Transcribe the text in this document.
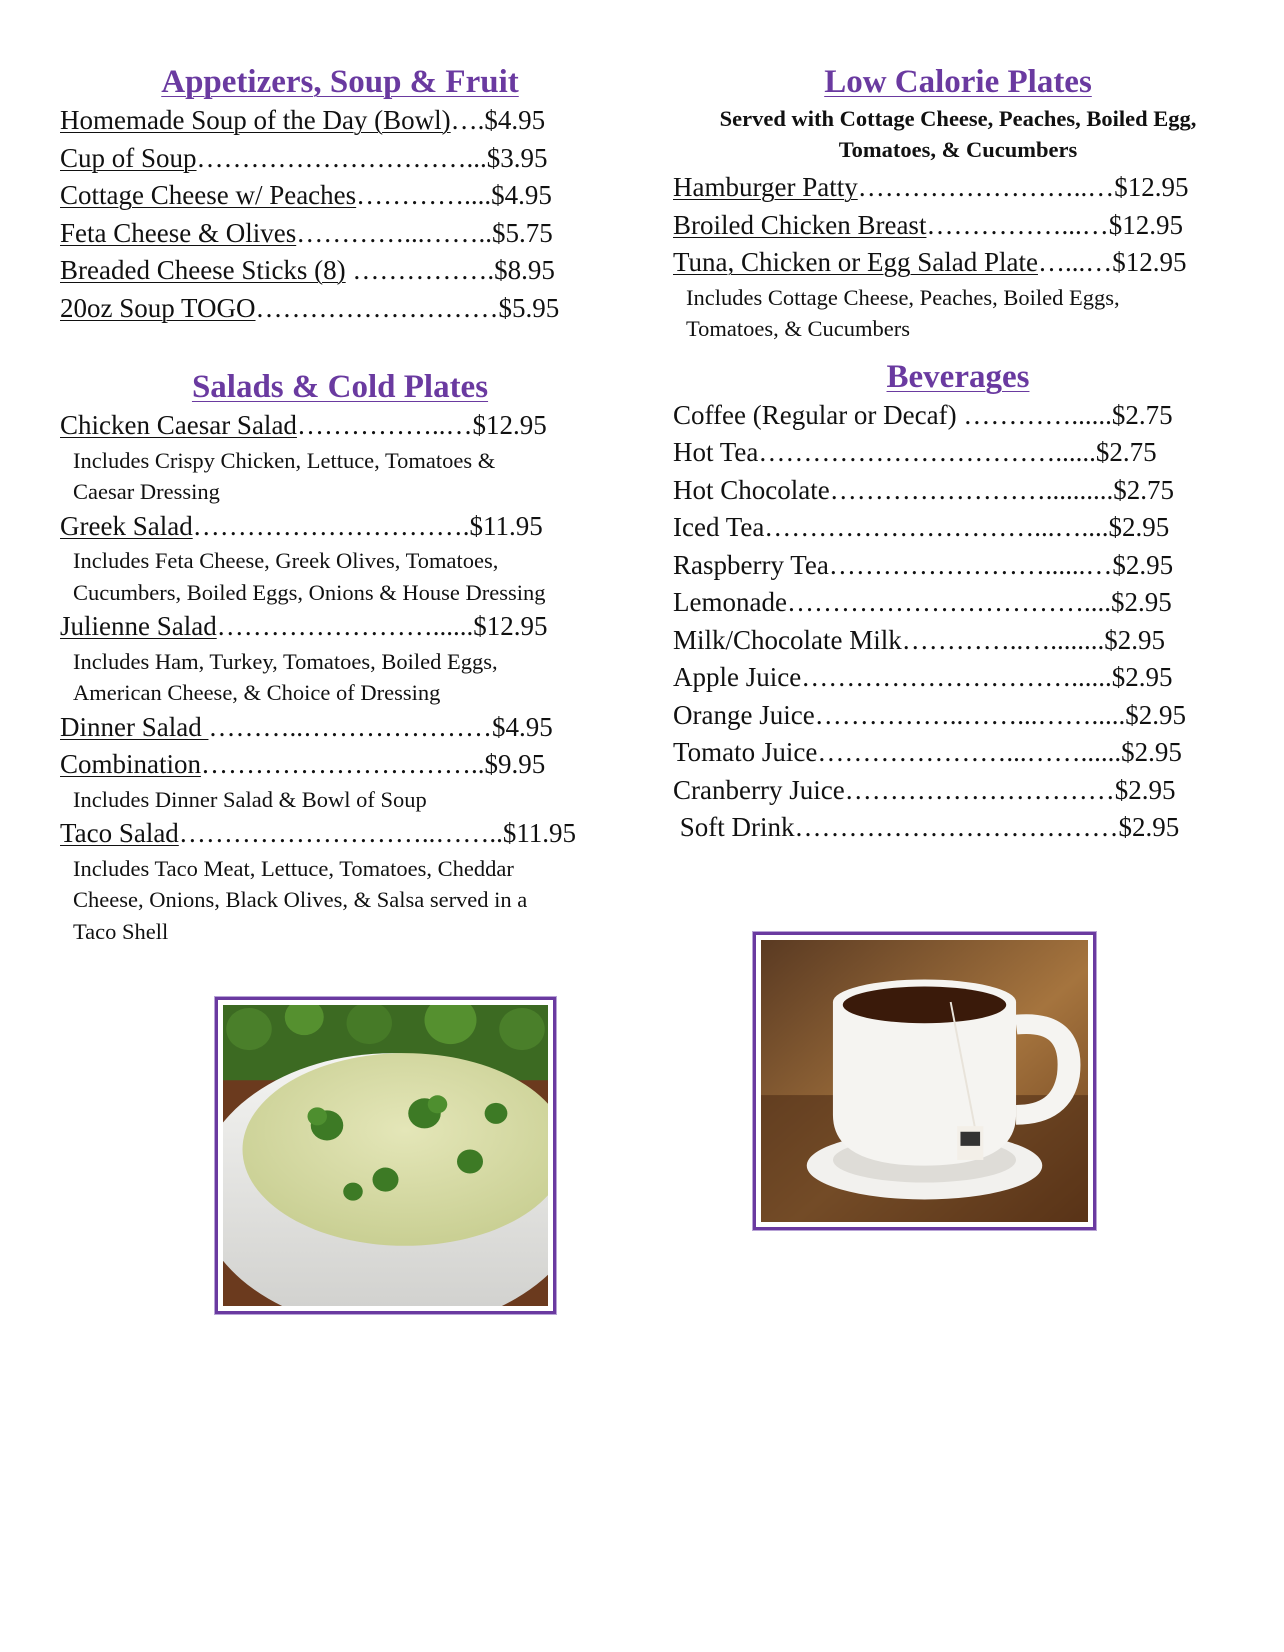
Appetizers, Soup & Fruit
Homemade Soup of the Day (Bowl)….$4.95
Cup of Soup…………………………...$3.95
Cottage Cheese w/ Peaches…………....$4.95
Feta Cheese & Olives…………...……..$5.75
Breaded Cheese Sticks (8) …………….$8.95
20oz Soup TOGO………………………$5.95
Salads & Cold Plates
Chicken Caesar Salad……………..…$12.95
Includes Crispy Chicken, Lettuce, Tomatoes &
Caesar Dressing
Greek Salad………………………….$11.95
Includes Feta Cheese, Greek Olives, Tomatoes,
Cucumbers, Boiled Eggs, Onions & House Dressing
Julienne Salad……………………......$12.95
Includes Ham, Turkey, Tomatoes, Boiled Eggs,
American Cheese, & Choice of Dressing
Dinner Salad ………..…………………$4.95
Combination…………………………..$9.95
Includes Dinner Salad & Bowl of Soup
Taco Salad………………………..……..$11.95
Includes Taco Meat, Lettuce, Tomatoes, Cheddar
Cheese, Onions, Black Olives, & Salsa served in a
Taco Shell
Low Calorie Plates
Served with Cottage Cheese, Peaches, Boiled Egg,
Tomatoes, & Cucumbers
Hamburger Patty……………………..…$12.95
Broiled Chicken Breast……………...…$12.95
Tuna, Chicken or Egg Salad Plate…...…$12.95
Includes Cottage Cheese, Peaches, Boiled Eggs,
Tomatoes, & Cucumbers
Beverages
Coffee (Regular or Decaf) …………......$2.75
Hot Tea……………………………......$2.75
Hot Chocolate……………………..........$2.75
Iced Tea…………………………...…....$2.95
Raspberry Tea……………………......…$2.95
Lemonade……………………………....$2.95
Milk/Chocolate Milk…………..…........$2.95
Apple Juice…………………………......$2.95
Orange Juice……………..……...…….....$2.95
Tomato Juice…………………...……......$2.95
Cranberry Juice…………………………$2.95
Soft Drink………………………………$2.95
